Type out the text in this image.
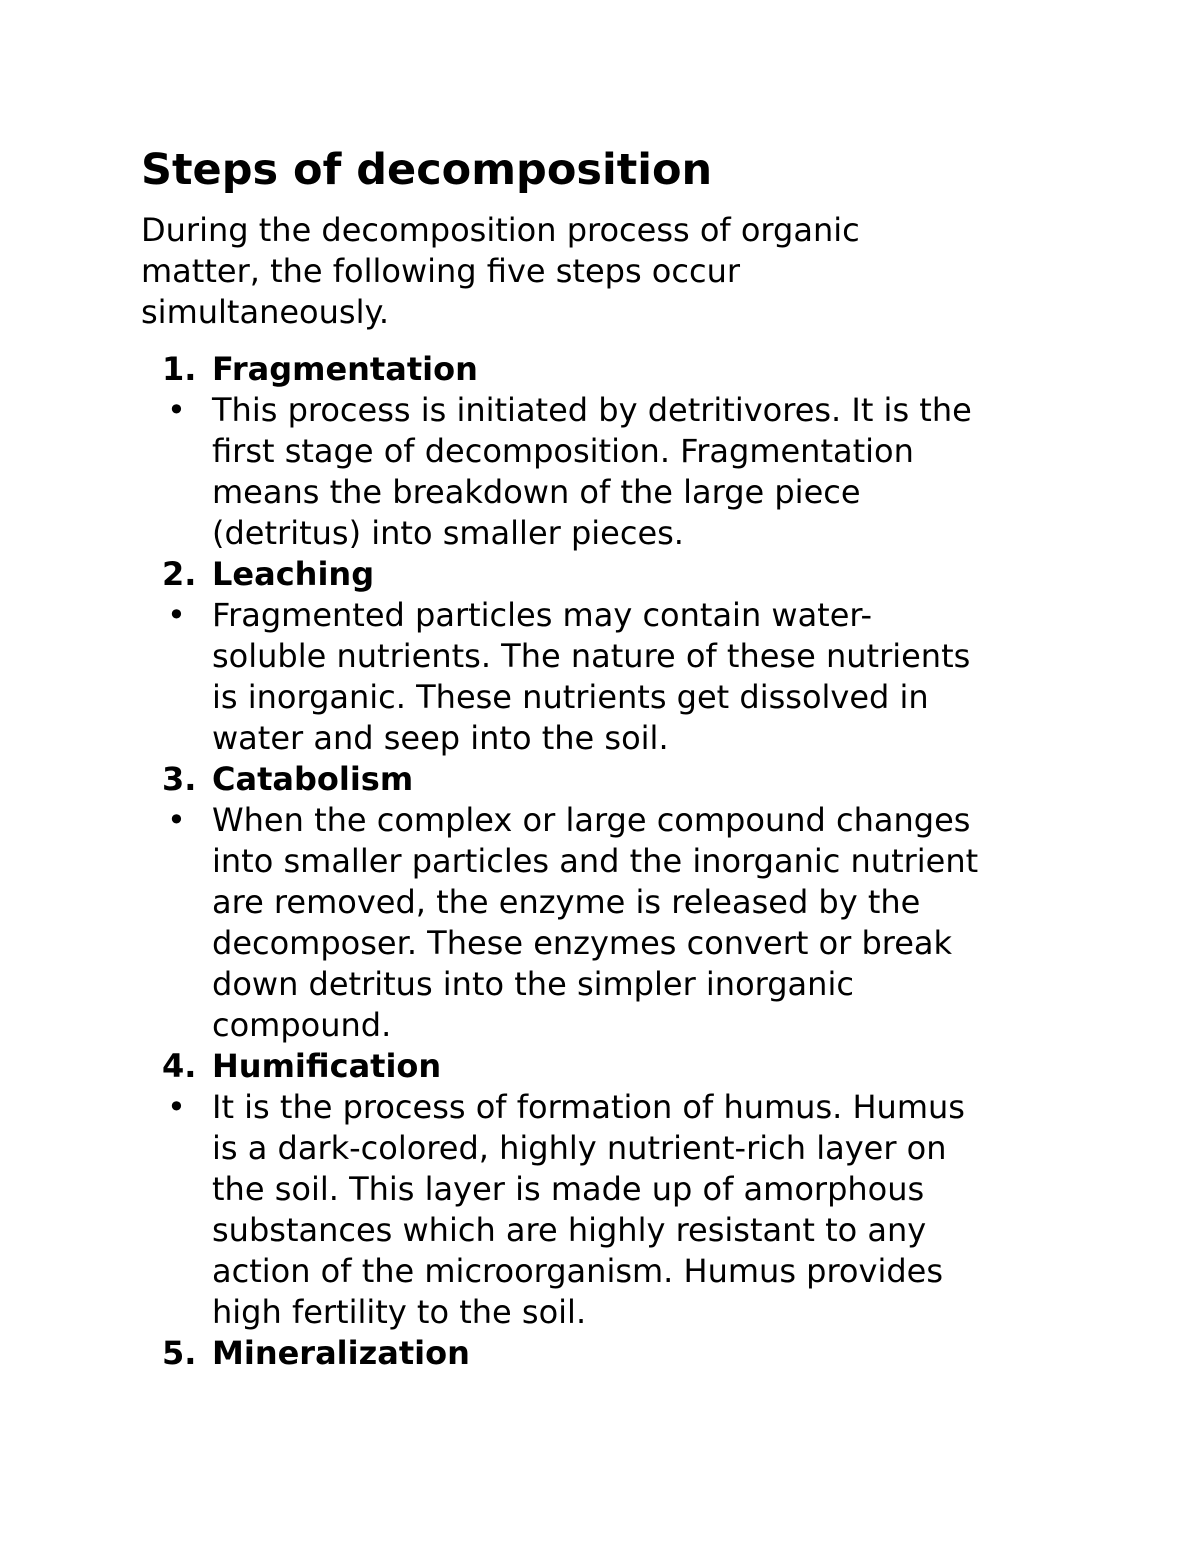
Steps of decomposition

During the decomposition process of organic
matter, the following five steps occur
simultaneously.

1. Fragmentation
• This process is initiated by detritivores. It is the
first stage of decomposition. Fragmentation
means the breakdown of the large piece
(detritus) into smaller pieces.
2. Leaching
• Fragmented particles may contain water-
soluble nutrients. The nature of these nutrients
is inorganic. These nutrients get dissolved in
water and seep into the soil.
3. Catabolism
• When the complex or large compound changes
into smaller particles and the inorganic nutrient
are removed, the enzyme is released by the
decomposer. These enzymes convert or break
down detritus into the simpler inorganic
compound.
4. Humification
• It is the process of formation of humus. Humus
is a dark-colored, highly nutrient-rich layer on
the soil. This layer is made up of amorphous
substances which are highly resistant to any
action of the microorganism. Humus provides
high fertility to the soil.
5. Mineralization
